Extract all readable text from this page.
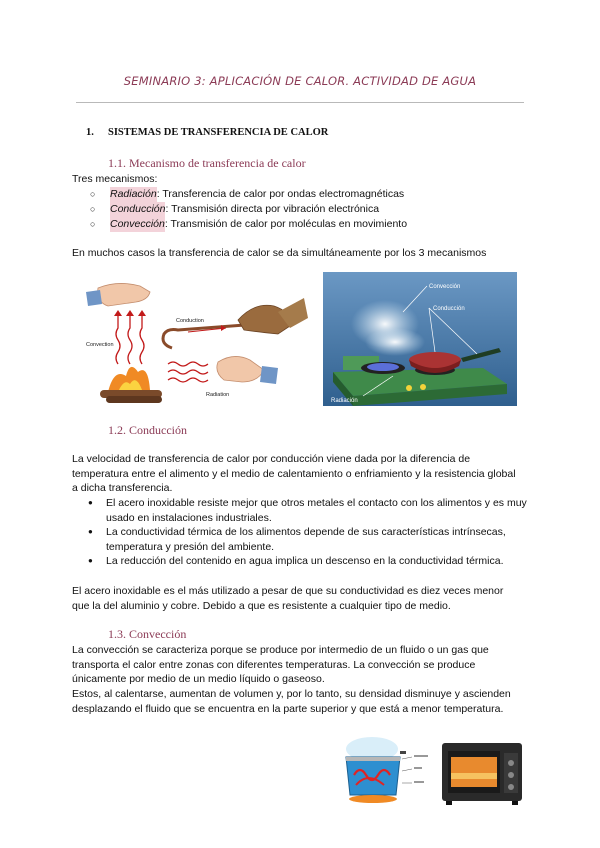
SEMINARIO 3: APLICACIÓN DE CALOR. ACTIVIDAD DE AGUA
1. SISTEMAS DE TRANSFERENCIA DE CALOR
1.1. Mecanismo de transferencia de calor
Tres mecanismos:
○	Radiación : Transferencia de calor por ondas electromagnéticas
○	Conducción : Transmisión directa por vibración electrónica
○	Convección : Transmisión de calor por moléculas en movimiento
En muchos casos la transferencia de calor se da simultáneamente por los 3 mecanismos
Conduction
Convection
Radiation
Convección
Conducción
Radiación
1.2. Conducción
La velocidad de transferencia de calor por conducción viene dada por la diferencia de temperatura entre el alimento y el medio de calentamiento o enfriamiento y la resistencia global a dicha transferencia.
●	El acero inoxidable resiste mejor que otros metales el contacto con los alimentos y es muy usado en instalaciones industriales.
●	La conductividad térmica de los alimentos depende de sus características intrínsecas, temperatura y presión del ambiente.
●	La reducción del contenido en agua implica un descenso en la conductividad térmica.
El acero inoxidable es el más utilizado a pesar de que su conductividad es diez veces menor que la del aluminio y cobre. Debido a que es resistente a cualquier tipo de medio.
1.3. Convección
La convección se caracteriza porque se produce por intermedio de un fluido o un gas que transporta el calor entre zonas con diferentes temperaturas. La convección se produce únicamente por medio de un medio líquido o gaseoso.
Estos, al calentarse, aumentan de volumen y, por lo tanto, su densidad disminuye y ascienden desplazando el fluido que se encuentra en la parte superior y que está a menor temperatura.
